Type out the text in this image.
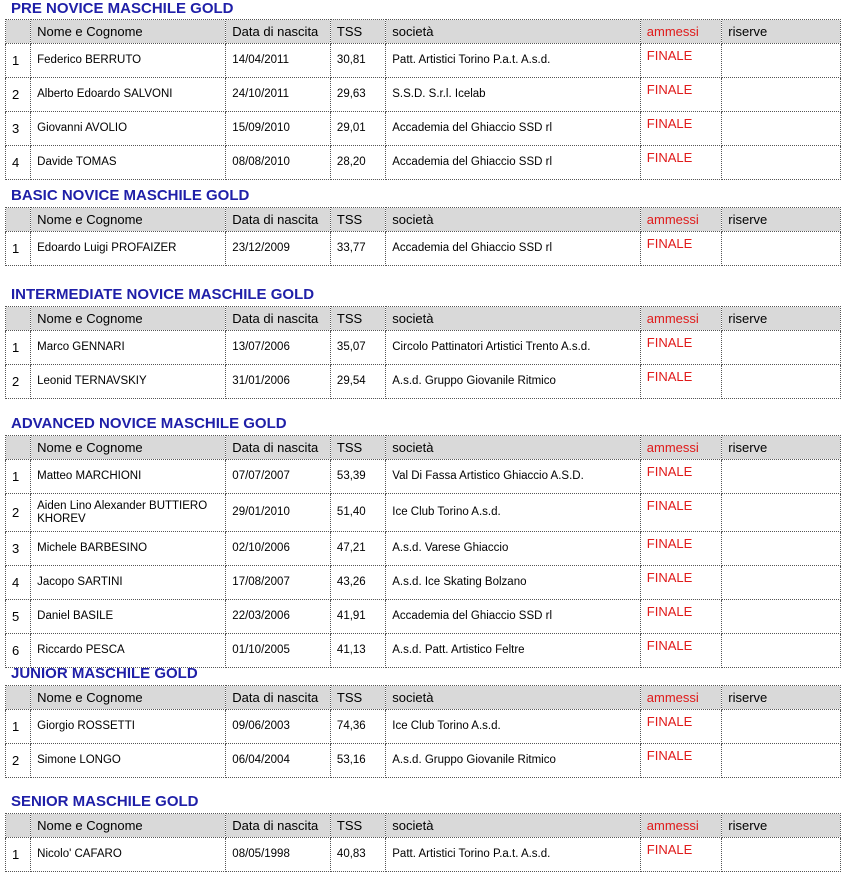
PRE NOVICE MASCHILE GOLD
	Nome e Cognome	Data di nascita	TSS	società	ammessi	riserve
1	Federico BERRUTO	14/04/2011	30,81	Patt. Artistici Torino P.a.t. A.s.d.	FINALE	
2	Alberto Edoardo SALVONI	24/10/2011	29,63	S.S.D. S.r.l. Icelab	FINALE	
3	Giovanni AVOLIO	15/09/2010	29,01	Accademia del Ghiaccio SSD rl	FINALE	
4	Davide TOMAS	08/08/2010	28,20	Accademia del Ghiaccio SSD rl	FINALE	
BASIC NOVICE MASCHILE GOLD
	Nome e Cognome	Data di nascita	TSS	società	ammessi	riserve
1	Edoardo Luigi PROFAIZER	23/12/2009	33,77	Accademia del Ghiaccio SSD rl	FINALE	
INTERMEDIATE NOVICE MASCHILE GOLD
	Nome e Cognome	Data di nascita	TSS	società	ammessi	riserve
1	Marco GENNARI	13/07/2006	35,07	Circolo Pattinatori Artistici Trento A.s.d.	FINALE	
2	Leonid TERNAVSKIY	31/01/2006	29,54	A.s.d. Gruppo Giovanile Ritmico	FINALE	
ADVANCED NOVICE MASCHILE GOLD
	Nome e Cognome	Data di nascita	TSS	società	ammessi	riserve
1	Matteo MARCHIONI	07/07/2007	53,39	Val Di Fassa Artistico Ghiaccio A.S.D.	FINALE	
2	Aiden Lino Alexander BUTTIERO KHOREV	29/01/2010	51,40	Ice Club Torino A.s.d.	FINALE	
3	Michele BARBESINO	02/10/2006	47,21	A.s.d. Varese Ghiaccio	FINALE	
4	Jacopo SARTINI	17/08/2007	43,26	A.s.d. Ice Skating Bolzano	FINALE	
5	Daniel BASILE	22/03/2006	41,91	Accademia del Ghiaccio SSD rl	FINALE	
6	Riccardo PESCA	01/10/2005	41,13	A.s.d. Patt. Artistico Feltre	FINALE	
JUNIOR MASCHILE GOLD
	Nome e Cognome	Data di nascita	TSS	società	ammessi	riserve
1	Giorgio ROSSETTI	09/06/2003	74,36	Ice Club Torino A.s.d.	FINALE	
2	Simone LONGO	06/04/2004	53,16	A.s.d. Gruppo Giovanile Ritmico	FINALE	
SENIOR MASCHILE GOLD
	Nome e Cognome	Data di nascita	TSS	società	ammessi	riserve
1	Nicolo' CAFARO	08/05/1998	40,83	Patt. Artistici Torino P.a.t. A.s.d.	FINALE	
